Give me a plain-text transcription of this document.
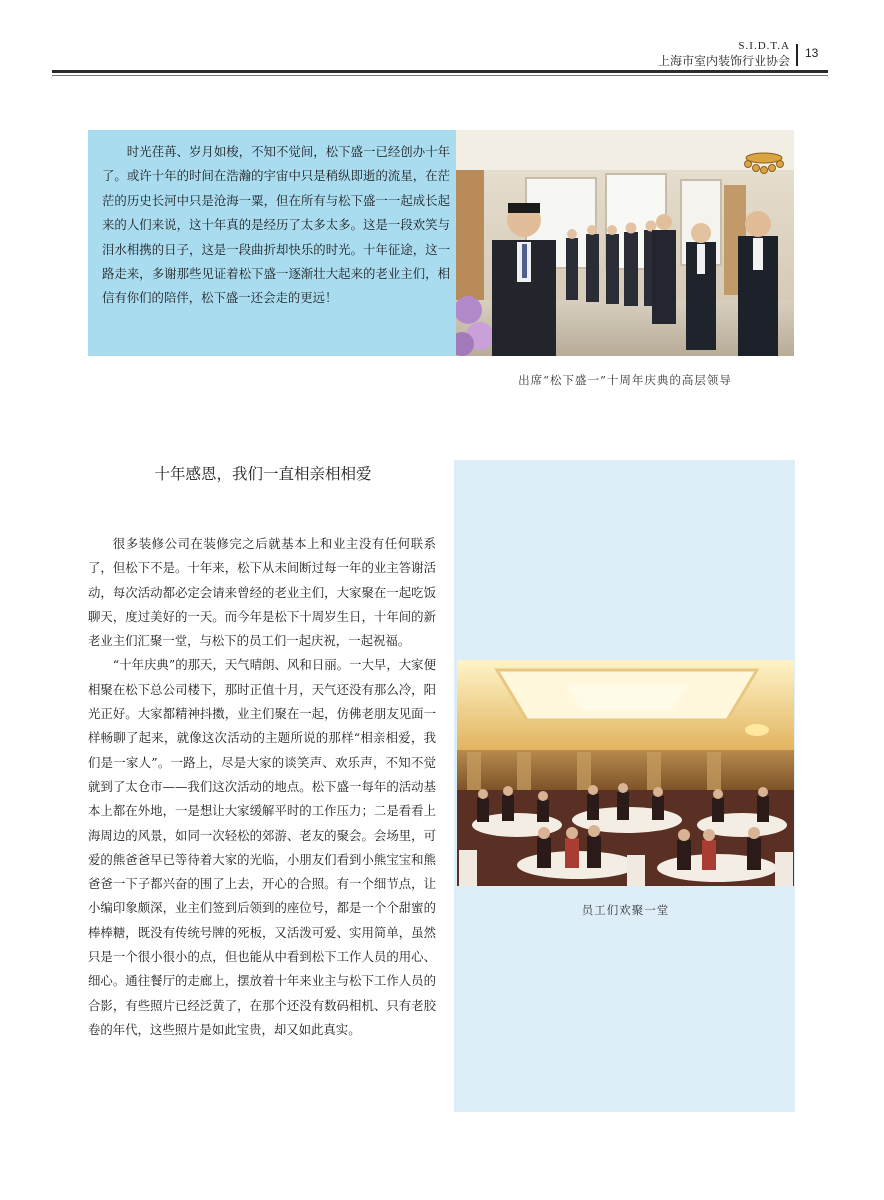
S.I.D.T.A
上海市室内装饰行业协会
13

时光荏苒、岁月如梭，不知不觉间，松下盛一已经创办十年了。或许十年的时间在浩瀚的宇宙中只是稍纵即逝的流星，在茫茫的历史长河中只是沧海一粟，但在所有与松下盛一一起成长起来的人们来说，这十年真的是经历了太多太多。这是一段欢笑与泪水相携的日子，这是一段曲折却快乐的时光。十年征途，这一路走来，多谢那些见证着松下盛一逐渐壮大起来的老业主们，相信有你们的陪伴，松下盛一还会走的更远！

出席“松下盛一”十周年庆典的高层领导
十年感恩，我们一直相亲相相爱
员工们欢聚一堂

很多装修公司在装修完之后就基本上和业主没有任何联系了，但松下不是。十年来，松下从未间断过每一年的业主答谢活动，每次活动都必定会请来曾经的老业主们，大家聚在一起吃饭聊天，度过美好的一天。而今年是松下十周岁生日，十年间的新老业主们汇聚一堂，与松下的员工们一起庆祝，一起祝福。

“十年庆典”的那天，天气晴朗、风和日丽。一大早，大家便相聚在松下总公司楼下，那时正值十月，天气还没有那么冷，阳光正好。大家都精神抖擞，业主们聚在一起，仿佛老朋友见面一样畅聊了起来，就像这次活动的主题所说的那样“相亲相爱，我们是一家人”。一路上，尽是大家的谈笑声、欢乐声，不知不觉就到了太仓市——我们这次活动的地点。松下盛一每年的活动基本上都在外地，一是想让大家缓解平时的工作压力；二是看看上海周边的风景，如同一次轻松的郊游、老友的聚会。会场里，可爱的熊爸爸早已等待着大家的光临，小朋友们看到小熊宝宝和熊爸爸一下子都兴奋的围了上去，开心的合照。有一个细节点，让小编印象颇深，业主们签到后领到的座位号，都是一个个甜蜜的棒棒糖，既没有传统号牌的死板，又活泼可爱、实用简单，虽然只是一个很小很小的点，但也能从中看到松下工作人员的用心、细心。通往餐厅的走廊上，摆放着十年来业主与松下工作人员的合影，有些照片已经泛黄了，在那个还没有数码相机、只有老胶卷的年代，这些照片是如此宝贵，却又如此真实。
